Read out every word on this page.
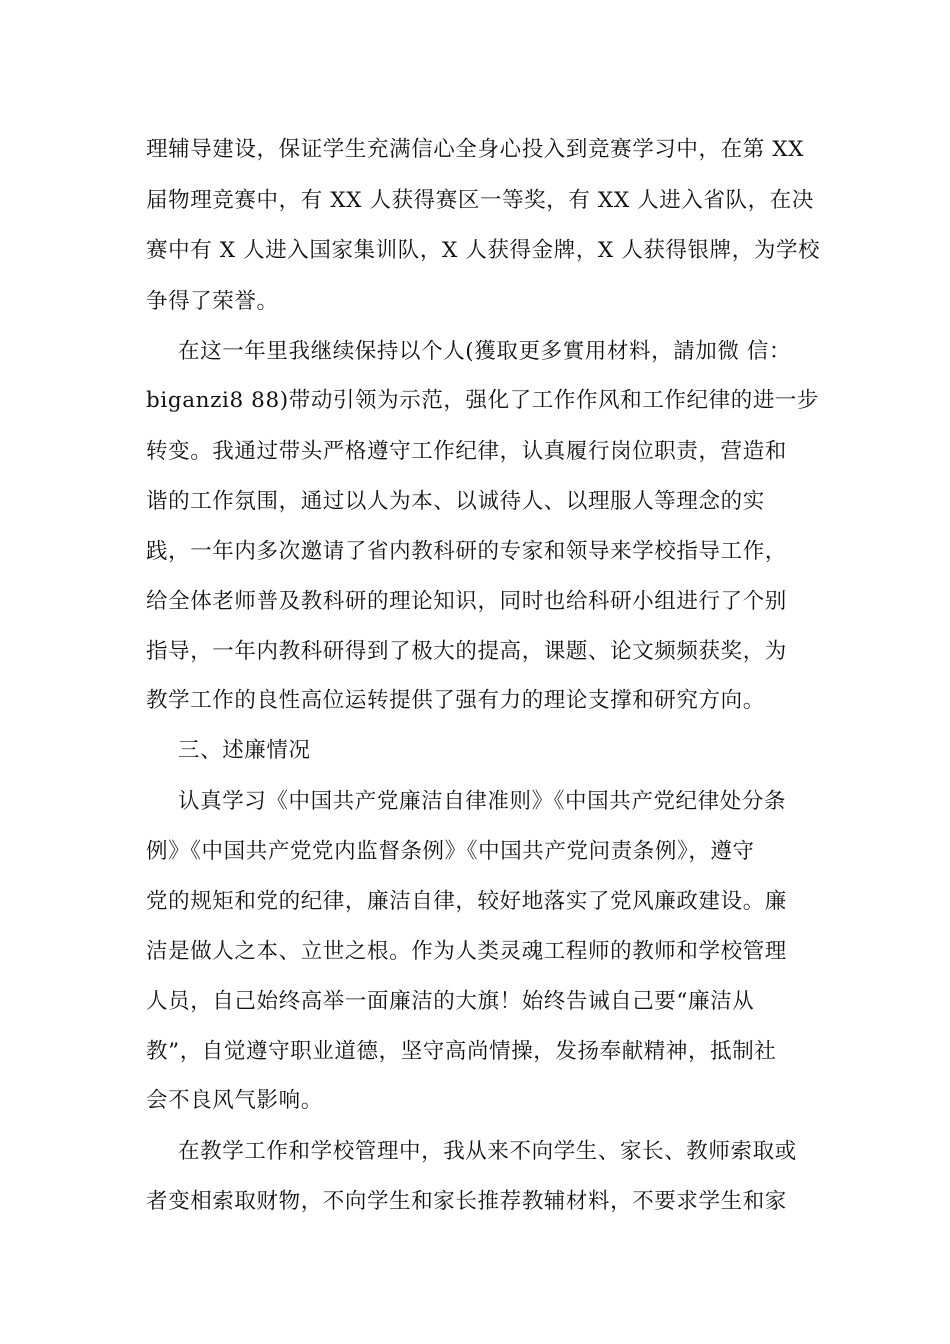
理辅导建设，保证学生充满信心全身心投入到竞赛学习中，在第 XX
届物理竞赛中，有 XX 人获得赛区一等奖，有 XX 人进入省队，在决
赛中有 X 人进入国家集训队，X 人获得金牌，X 人获得银牌，为学校
争得了荣誉。
在这一年里我继续保持以个人(獲取更多實用材料，請加微 信：
biganzi8 88)带动引领为示范，强化了工作作风和工作纪律的进一步
转变。我通过带头严格遵守工作纪律，认真履行岗位职责，营造和
谐的工作氛围，通过以人为本、以诚待人、以理服人等理念的实
践，一年内多次邀请了省内教科研的专家和领导来学校指导工作，
给全体老师普及教科研的理论知识，同时也给科研小组进行了个别
指导，一年内教科研得到了极大的提高，课题、论文频频获奖，为
教学工作的良性高位运转提供了强有力的理论支撑和研究方向。
三、述廉情况
认真学习《中国共产党廉洁自律准则》《中国共产党纪律处分条
例》《中国共产党党内监督条例》《中国共产党问责条例》，遵守
党的规矩和党的纪律，廉洁自律，较好地落实了党风廉政建设。廉
洁是做人之本、立世之根。作为人类灵魂工程师的教师和学校管理
人员，自己始终高举一面廉洁的大旗！始终告诫自己要“廉洁从
教”，自觉遵守职业道德，坚守高尚情操，发扬奉献精神，抵制社
会不良风气影响。
在教学工作和学校管理中，我从来不向学生、家长、教师索取或
者变相索取财物，不向学生和家长推荐教辅材料，不要求学生和家
